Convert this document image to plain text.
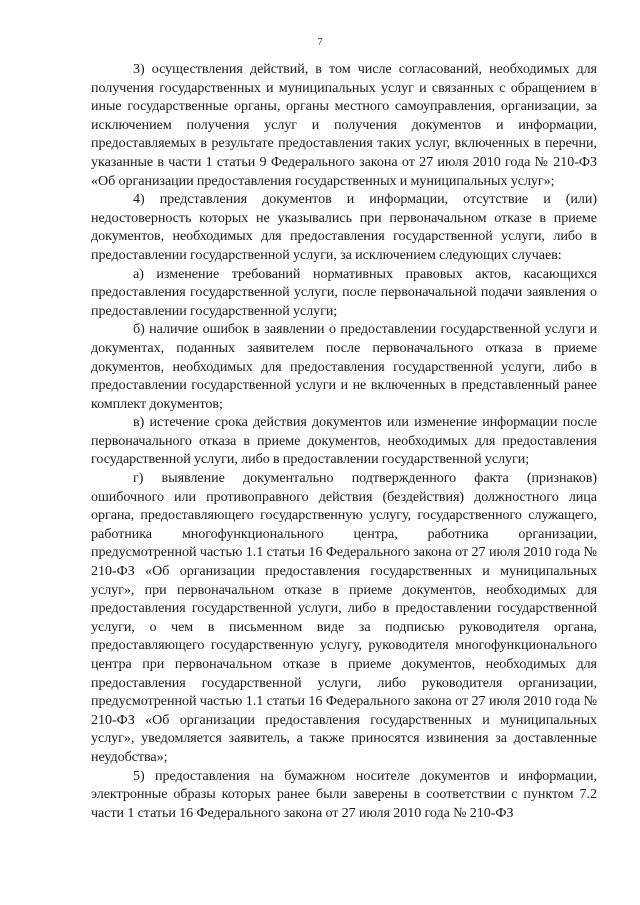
7

3) осуществления действий, в том числе согласований, необходимых для получения государственных и муниципальных услуг и связанных с обращением в иные государственные органы, органы местного самоуправления, организации, за исключением получения услуг и получения документов и информации, предоставляемых в результате предоставления таких услуг, включенных в перечни, указанные в части 1 статьи 9 Федерального закона от 27 июля 2010 года № 210-ФЗ «Об организации предоставления государственных и муниципальных услуг»;

4) представления документов и информации, отсутствие и (или) недостоверность которых не указывались при первоначальном отказе в приеме документов, необходимых для предоставления государственной услуги, либо в предоставлении государственной услуги, за исключением следующих случаев:

а) изменение требований нормативных правовых актов, касающихся предоставления государственной услуги, после первоначальной подачи заявления о предоставлении государственной услуги;

б) наличие ошибок в заявлении о предоставлении государственной услуги и документах, поданных заявителем после первоначального отказа в приеме документов, необходимых для предоставления государственной услуги, либо в предоставлении государственной услуги и не включенных в представленный ранее комплект документов;

в) истечение срока действия документов или изменение информации после первоначального отказа в приеме документов, необходимых для предоставления государственной услуги, либо в предоставлении государственной услуги;

г) выявление документально подтвержденного факта (признаков) ошибочного или противоправного действия (бездействия) должностного лица органа, предоставляющего государственную услугу, государственного служащего, работника многофункционального центра, работника организации, предусмотренной частью 1.1 статьи 16 Федерального закона от 27 июля 2010 года № 210-ФЗ «Об организации предоставления государственных и муниципальных услуг», при первоначальном отказе в приеме документов, необходимых для предоставления государственной услуги, либо в предоставлении государственной услуги, о чем в письменном виде за подписью руководителя органа, предоставляющего государственную услугу, руководителя многофункционального центра при первоначальном отказе в приеме документов, необходимых для предоставления государственной услуги, либо руководителя организации, предусмотренной частью 1.1 статьи 16 Федерального закона от 27 июля 2010 года № 210-ФЗ «Об организации предоставления государственных и муниципальных услуг», уведомляется заявитель, а также приносятся извинения за доставленные неудобства»;

5) предоставления на бумажном носителе документов и информации, электронные образы которых ранее были заверены в соответствии с пунктом 7.2 части 1 статьи 16 Федерального закона от 27 июля 2010 года № 210-ФЗ
